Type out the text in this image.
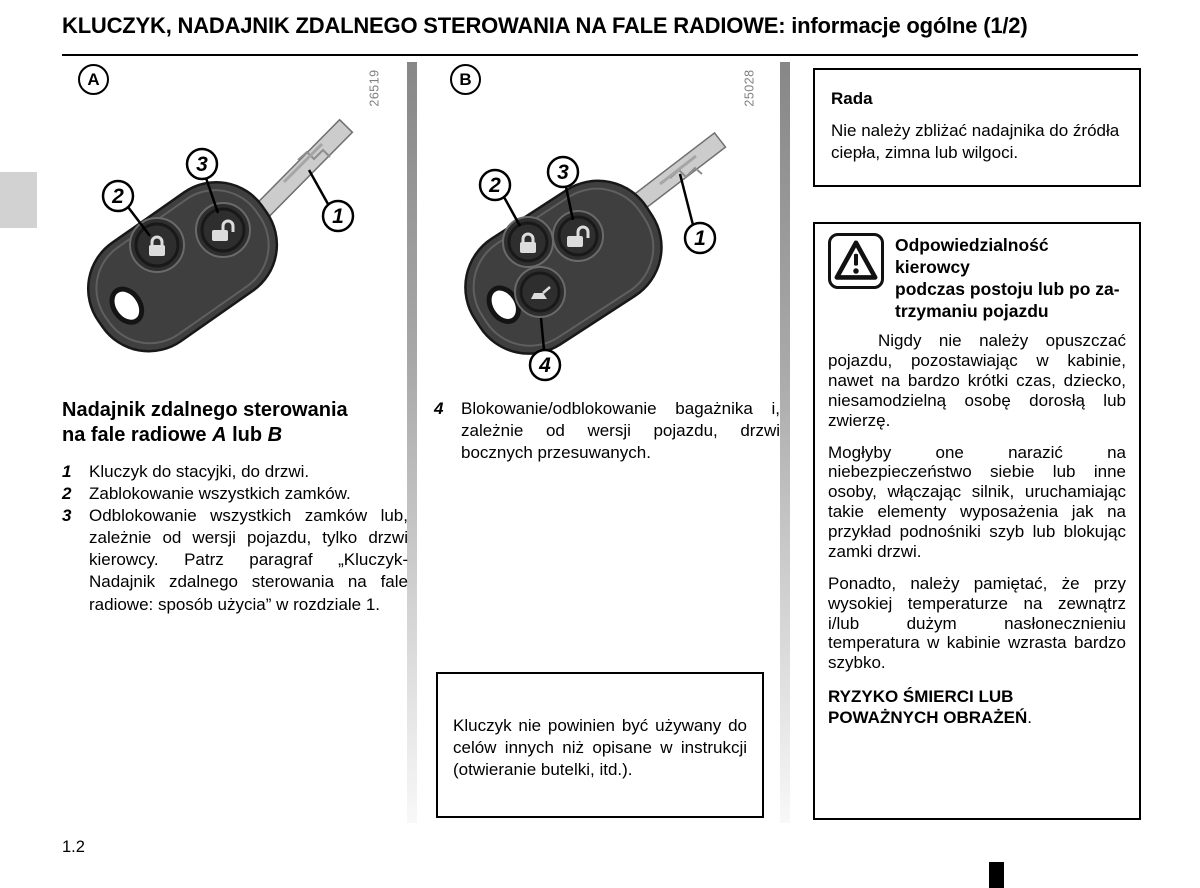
KLUCZYK, NADAJNIK ZDALNEGO STEROWANIA NA FALE RADIOWE: informacje ogólne (1/2)
A	26519
2
3
1
B	25028
2
3
1
4
Nadajnik zdalnego sterowania
na fale radiowe A lub B
1	Kluczyk do stacyjki, do drzwi.
2	Zablokowanie wszystkich zamków.
3	Odblokowanie wszystkich zamków lub, zależnie od wersji pojazdu, tylko drzwi kierowcy. Patrz paragraf „Kluczyk-Nadajnik zdalnego sterowania na fale radiowe: sposób użycia” w rozdziale 1.
4	Blokowanie/odblokowanie bagażnika i, zależnie od wersji pojazdu, drzwi bocznych przesuwanych.
Kluczyk nie powinien być używany do celów innych niż opisane w instrukcji (otwieranie butelki, itd.).
Rada
Nie należy zbliżać nadajnika do źródła ciepła, zimna lub wilgoci.
Odpowiedzialność kierowcy
podczas postoju lub po za-
trzymaniu pojazdu

Nigdy nie należy opuszczać pojazdu, pozostawiając w kabinie, nawet na bardzo krótki czas, dziecko, niesamodzielną osobę dorosłą lub zwierzę.

Mogłyby one narazić na niebezpieczeństwo siebie lub inne osoby, włączając silnik, uruchamiając takie elementy wyposażenia jak na przykład podnośniki szyb lub blokując zamki drzwi.

Ponadto, należy pamiętać, że przy wysokiej temperaturze na zewnątrz i/lub dużym nasłonecznieniu temperatura w kabinie wzrasta bardzo szybko.

RYZYKO ŚMIERCI LUB POWAŻNYCH OBRAŻEŃ.

1.2
